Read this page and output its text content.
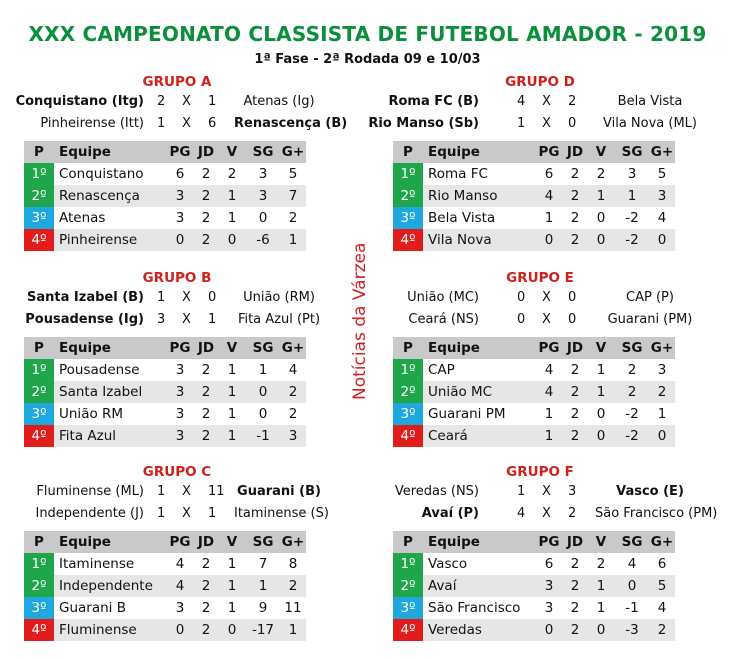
XXX CAMPEONATO CLASSISTA DE FUTEBOL AMADOR - 2019
1ª Fase - 2ª Rodada 09 e 10/03
Notícias da Várzea
GRUPO A
Conquistano (Itg) 2 X 1	Atenas (Ig)
Pinheirense (Itt) 1 X 6 Renascença (B)
P	Equipe	PG	JD	V	SG	G+
1º	Conquistano	6	2	2	3	5
2º	Renascença	3	2	1	3	7
3º	Atenas	3	2	1	0	2
4º	Pinheirense	0	2	0	-6	1
GRUPO D
Roma FC (B)	4 X 2	Bela Vista
Rio Manso (Sb)	1 X 0	Vila Nova (ML)
P	Equipe	PG	JD	V	SG	G+
1º	Roma FC	6	2	2	3	5
2º	Rio Manso	4	2	1	1	3
3º	Bela Vista	1	2	0	-2	4
4º	Vila Nova	0	2	0	-2	0
GRUPO B
Santa Izabel (B) 1 X 0	União (RM)
Pousadense (Ig) 3 X 1	Fita Azul (Pt)
P	Equipe	PG	JD	V	SG	G+
1º	Pousadense	3	2	1	1	4
2º	Santa Izabel	3	2	1	0	2
3º	União RM	3	2	1	0	2
4º	Fita Azul	3	2	1	-1	3
GRUPO E
União (MC)	0 X 0	CAP (P)
Ceará (NS)	0 X 0	Guarani (PM)
P	Equipe	PG	JD	V	SG	G+
1º	CAP	4	2	1	2	3
2º	União MC	4	2	1	2	2
3º	Guarani PM	1	2	0	-2	1
4º	Ceará	1	2	0	-2	0
GRUPO C
Fluminense (ML) 1 X 11 Guarani (B)
Independente (J) 1 X 1 Itaminense (S)
P	Equipe	PG	JD	V	SG	G+
1º	Itaminense	4	2	1	7	8
2º	Independente	4	2	1	1	2
3º	Guarani B	3	2	1	9	11
4º	Fluminense	0	2	0	-17	1
GRUPO F
Veredas (NS)	1 X 3	Vasco (E)
Avaí (P)	4 X 2 São Francisco (PM)
P	Equipe	PG	JD	V	SG	G+
1º	Vasco	6	2	2	4	6
2º	Avaí	3	2	1	0	5
3º	São Francisco	3	2	1	-1	4
4º	Veredas	0	2	0	-3	2
